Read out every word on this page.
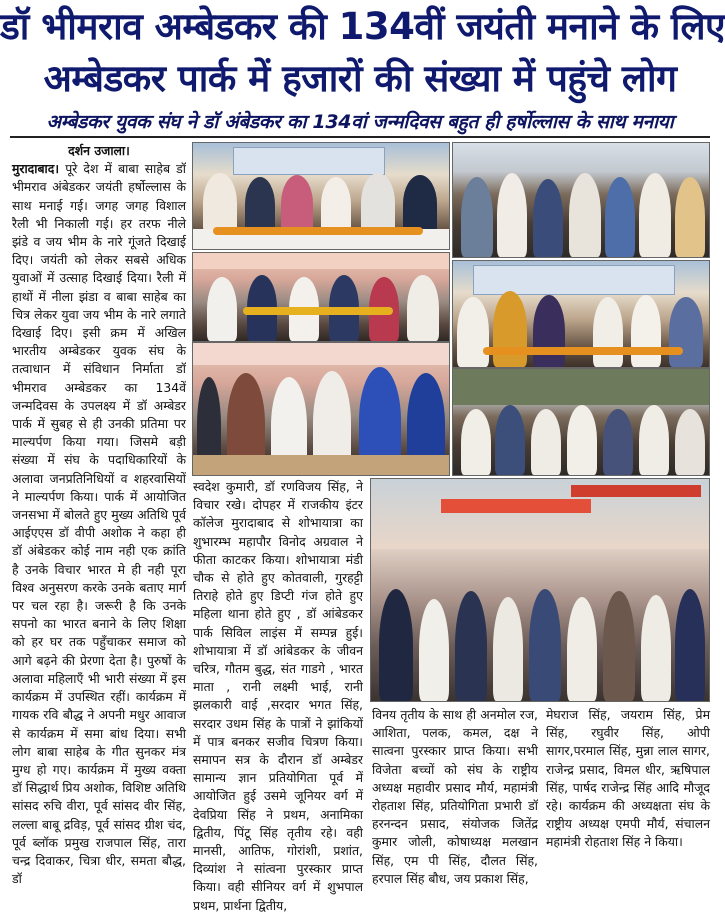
डॉ भीमराव अम्बेडकर की 134वीं जयंती मनाने के लिए
अम्बेडकर पार्क में हजारों की संख्या में पहुंचे लोग
अम्बेडकर युवक संघ ने डॉ अंबेडकर का 134वां जन्मदिवस बहुत ही हर्षोल्लास के साथ मनाया
दर्शन उजाला।

मुरादाबाद। पूरे देश में बाबा साहेब डॉ भीमराव अंबेडकर जयंती हर्षोल्लास के साथ मनाई गई। जगह जगह विशाल रैली भी निकाली गई। हर तरफ नीले झंडे व जय भीम के नारे गूंजते दिखाई दिए। जयंती को लेकर सबसे अधिक युवाओं में उत्साह दिखाई दिया। रैली में हाथों में नीला झंडा व बाबा साहेब का चित्र लेकर युवा जय भीम के नारे लगाते दिखाई दिए। इसी क्रम में अखिल भारतीय अम्बेडकर युवक संघ के तत्वाधान में संविधान निर्माता डॉ भीमराव अम्बेडकर का 134वें जन्मदिवस के उपलक्ष्य में डॉ अम्बेडर पार्क में सुबह से ही उनकी प्रतिमा पर माल्यर्पण किया गया। जिसमे बड़ी संख्या में संघ के पदाधिकारियों के अलावा जनप्रतिनिधियों व शहरवासियों ने माल्यर्पण किया। पार्क में आयोजित जनसभा में बोलते हुए मुख्य अतिथि पूर्व आईएएस डॉ वीपी अशोक ने कहा ही डॉ अंबेडकर कोई नाम नही एक क्रांति है उनके विचार भारत मे ही नही पूरा विश्व अनुसरण करके उनके बताए मार्ग पर चल रहा है। जरूरी है कि उनके सपनो का भारत बनाने के लिए शिक्षा को हर घर तक पहुँचाकर समाज को आगे बढ़ने की प्रेरणा देता है। पुरुषों के अलावा महिलाएँ भी भारी संख्या में इस कार्यक्रम में उपस्थित रहीं। कार्यक्रम में गायक रवि बौद्ध ने अपनी मधुर आवाज से कार्यक्रम में समा बांध दिया। सभी लोग बाबा साहेब के गीत सुनकर मंत्र मुग्ध हो गए। कार्यक्रम में मुख्य वक्ता डॉ सिद्धार्थ प्रिय अशोक, विशिष्ट अतिथि सांसद रुचि वीरा, पूर्व सांसद वीर सिंह, लल्ला बाबू द्रविड़, पूर्व सांसद ग्रीश चंद, पूर्व ब्लॉक प्रमुख राजपाल सिंह, तारा चन्द्र दिवाकर, चित्रा धीर, समता बौद्ध, डॉ

स्वदेश कुमारी, डॉ रणविजय सिंह, ने विचार रखे। दोपहर में राजकीय इंटर कॉलेज मुरादाबाद से शोभायात्रा का शुभारम्भ महापौर विनोद अग्रवाल ने फीता काटकर किया। शोभायात्रा मंडी चौक से होते हुए कोतवाली, गुरहट्टी तिराहे होते हुए डिप्टी गंज होते हुए महिला थाना होते हुए , डॉ आंबेडकर पार्क सिविल लाइंस में सम्पन्न हुई। शोभायात्रा में डॉ आंबेडकर के जीवन चरित्र, गौतम बुद्ध, संत गाडगे , भारत माता , रानी लक्ष्मी भाई, रानी झलकारी वाई ,सरदार भगत सिंह, सरदार उधम सिंह के पात्रों ने झांकियों में पात्र बनकर सजीव चित्रण किया। समापन सत्र के दौरान डॉ अम्बेडर सामान्य ज्ञान प्रतियोगिता पूर्व में आयोजित हुई उसमे जूनियर वर्ग में देवप्रिया सिंह ने प्रथम, अनामिका द्वितीय, पिंटू सिंह तृतीय रहे। वही मानसी, आतिफ, गोरांशी, प्रशांत, दिव्यांश ने सांत्वना पुरस्कार प्राप्त किया। वही सीनियर वर्ग में शुभपाल प्रथम, प्रार्थना द्वितीय,

विनय तृतीय के साथ ही अनमोल रज, आशिता, पलक, कमल, दक्ष ने सात्वना पुरस्कार प्राप्त किया। सभी विजेता बच्चों को संघ के राष्ट्रीय अध्यक्ष महावीर प्रसाद मौर्य, महामंत्री रोहताश सिंह, प्रतियोगिता प्रभारी डॉ हरनन्दन प्रसाद, संयोजक जितेंद्र कुमार जोली, कोषाध्यक्ष मलखान सिंह, एम पी सिंह, दौलत सिंह, हरपाल सिंह बौध, जय प्रकाश सिंह,

मेघराज सिंह, जयराम सिंह, प्रेम सिंह, रघुवीर सिंह, ओपी सागर,परमाल सिंह, मुन्ना लाल सागर, राजेन्द्र प्रसाद, विमल धीर, ऋषिपाल सिंह, पार्षद राजेन्द्र सिंह आदि मौजूद रहे। कार्यक्रम की अध्यक्षता संघ के राष्ट्रीय अध्यक्ष एमपी मौर्य, संचालन महामंत्री रोहताश सिंह ने किया।
